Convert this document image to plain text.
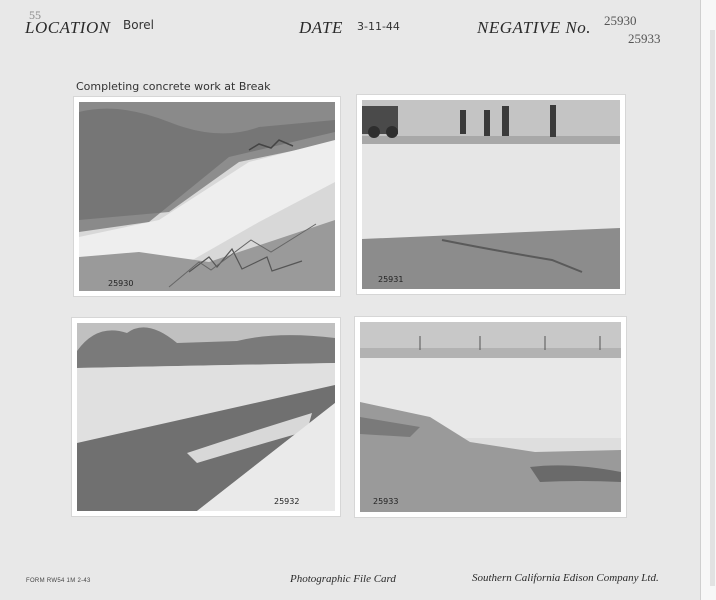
55
LOCATION Borel	DATE 3-11-44	NEGATIVE No. 25930
25933
Completing concrete work at Break
25930	25931
25932	25933
FORM RW54 1M 2-43	Photographic File Card	Southern California Edison Company Ltd.
